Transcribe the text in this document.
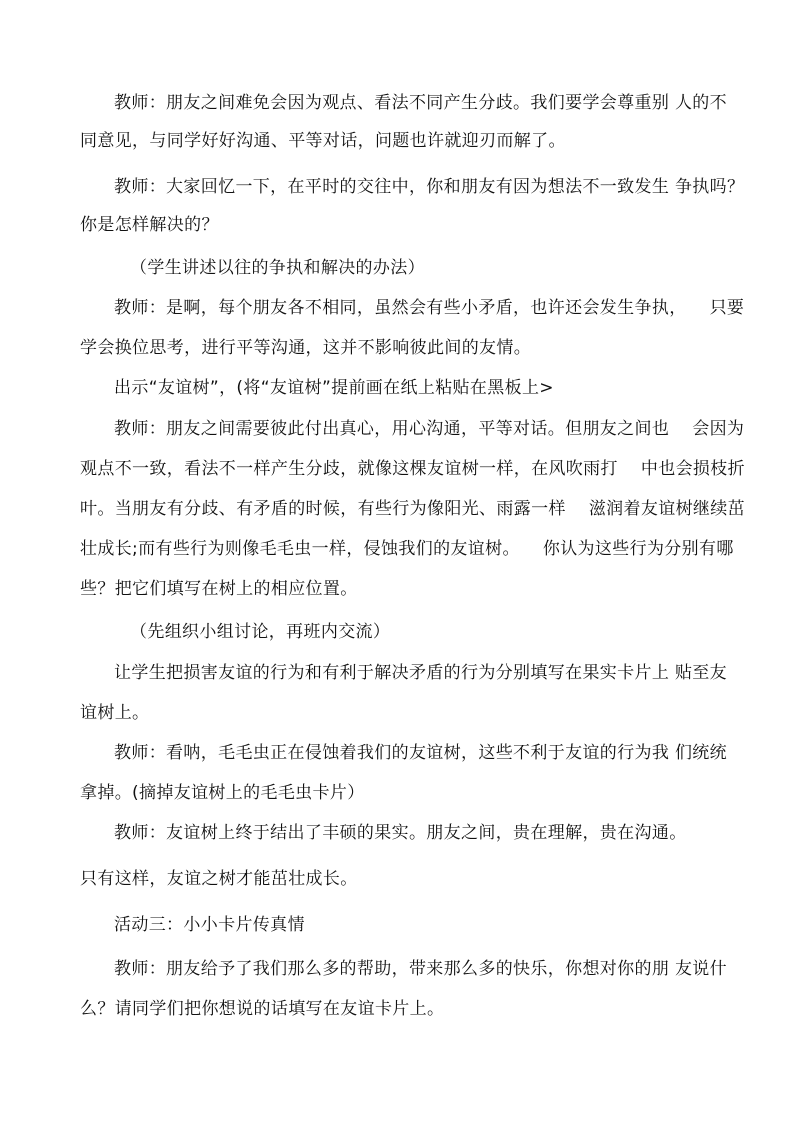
教师：朋友之间难免会因为观点、看法不同产生分歧。我们要学会尊重别 人的不

同意见，与同学好好沟通、平等对话，问题也许就迎刃而解了。

教师：大家回忆一下，在平时的交往中，你和朋友有因为想法不一致发生 争执吗？

你是怎样解决的？

（学生讲述以往的争执和解决的办法）

教师：是啊，每个朋友各不相同，虽然会有些小矛盾，也许还会发生争执，    只要

学会换位思考，进行平等沟通，这并不影响彼此间的友情。

出示“友谊树”，(将“友谊树”提前画在纸上粘贴在黑板上>

教师：朋友之间需要彼此付出真心，用心沟通，平等对话。但朋友之间也    会因为

观点不一致，看法不一样产生分歧，就像这棵友谊树一样，在风吹雨打    中也会损枝折

叶。当朋友有分歧、有矛盾的时候，有些行为像阳光、雨露一样    滋润着友谊树继续茁

壮成长;而有些行为则像毛毛虫一样，侵蚀我们的友谊树。    你认为这些行为分别有哪

些？把它们填写在树上的相应位置。

（先组织小组讨论，再班内交流）

让学生把损害友谊的行为和有利于解决矛盾的行为分别填写在果实卡片上 贴至友

谊树上。

教师：看呐，毛毛虫正在侵蚀着我们的友谊树，这些不利于友谊的行为我 们统统

拿掉。(摘掉友谊树上的毛毛虫卡片）

教师：友谊树上终于结出了丰硕的果实。朋友之间，贵在理解，贵在沟通。

只有这样，友谊之树才能茁壮成长。

活动三：小小卡片传真情

教师：朋友给予了我们那么多的帮助，带来那么多的快乐，你想对你的朋 友说什

么？请同学们把你想说的话填写在友谊卡片上。
